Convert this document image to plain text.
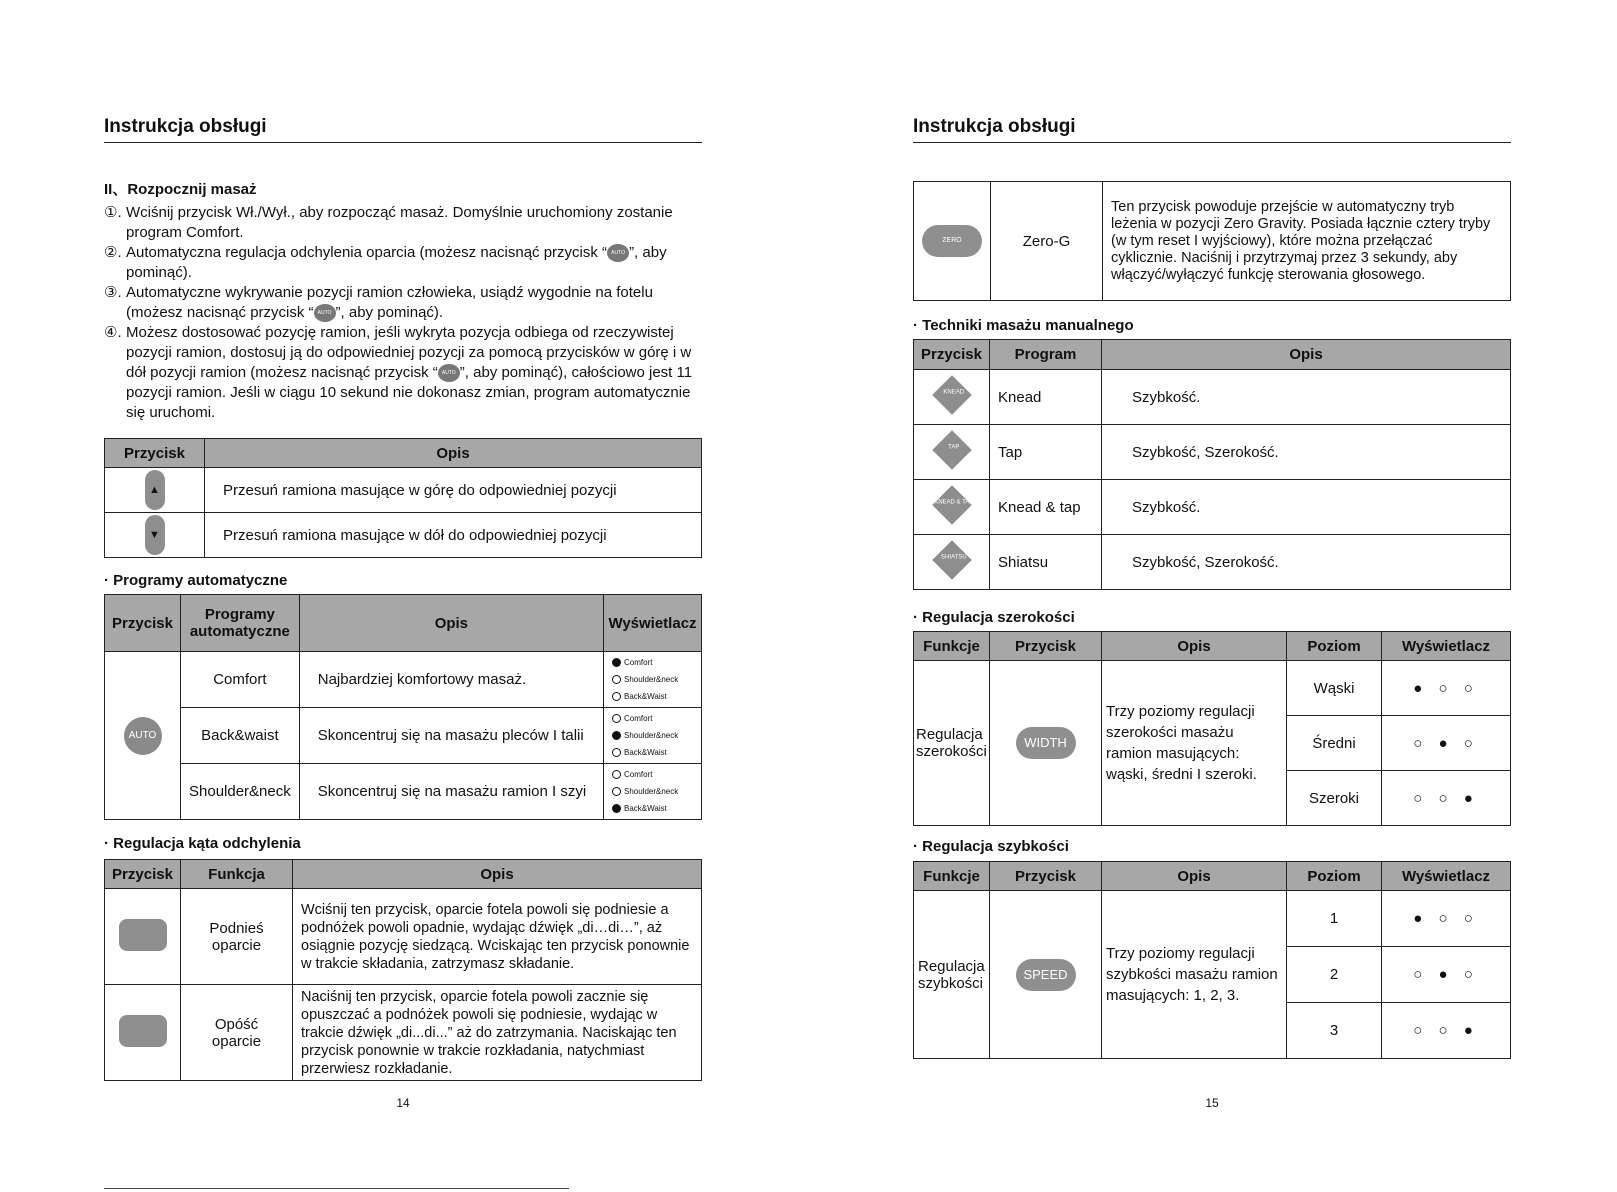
Instrukcja obsługi
II、Rozpocznij masaż
①. Wciśnij przycisk Wł./Wył., aby rozpocząć masaż. Domyślnie uruchomiony zostanie program Comfort.
②. Automatyczna regulacja odchylenia oparcia (możesz nacisnąć przycisk “ AUTO ”, aby pominąć).
③. Automatyczne wykrywanie pozycji ramion człowieka, usiądź wygodnie na fotelu (możesz nacisnąć przycisk “ AUTO ”, aby pominąć).
④. Możesz dostosować pozycję ramion, jeśli wykryta pozycja odbiega od rzeczywistej pozycji ramion, dostosuj ją do odpowiedniej pozycji za pomocą przycisków w górę i w dół pozycji ramion (możesz nacisnąć przycisk “ AUTO ”, aby pominąć), całościowo jest 11 pozycji ramion. Jeśli w ciągu 10 sekund nie dokonasz zmian, program automatycznie się uruchomi.
Przycisk	Opis
▲	Przesuń ramiona masujące w górę do odpowiedniej pozycji
▼	Przesuń ramiona masujące w dół do odpowiedniej pozycji
· Programy automatyczne
Przycisk	Programy automatyczne	Opis	Wyświetlacz
AUTO	Comfort	Najbardziej komfortowy masaż.	Comfort
Shoulder&neck
Back&Waist

	Back&waist	Skoncentruj się na masażu pleców I talii	Comfort
Shoulder&neck
Back&Waist

	Shoulder&neck	Skoncentruj się na masażu ramion I szyi	Comfort
Shoulder&neck
Back&Waist
· Regulacja kąta odchylenia
Przycisk	Funkcja	Opis
	Podnieś oparcie	Wciśnij ten przycisk, oparcie fotela powoli się podniesie a podnóżek powoli opadnie, wydając dźwięk „di…di…”, aż osiągnie pozycję siedzącą. Wciskając ten przycisk ponownie w trakcie składania, zatrzymasz składanie.
	Opóść oparcie	Naciśnij ten przycisk, oparcie fotela powoli zacznie się opuszczać a podnóżek powoli się podniesie, wydając w trakcie dźwięk „di...di...” aż do zatrzymania. Naciskając ten przycisk ponownie w trakcie rozkładania, natychmiast przerwiesz rozkładanie.
14
Instrukcja obsługi
ZERO	Zero-G	Ten przycisk powoduje przejście w automatyczny tryb leżenia w pozycji Zero Gravity. Posiada łącznie cztery tryby (w tym reset I wyjściowy), które można przełączać cyklicznie. Naciśnij i przytrzymaj przez 3 sekundy, aby włączyć/wyłączyć funkcję sterowania głosowego.
· Techniki masażu manualnego
Przycisk	Program	Opis

KNEAD	Knead	Szybkość.

TAP	Tap	Szybkość, Szerokość.

KNEAD & TAP	Knead & tap	Szybkość.

SHIATSU	Shiatsu	Szybkość, Szerokość.
· Regulacja szerokości
Funkcje	Przycisk	Opis	Poziom	Wyświetlacz
Regulacja szerokości	WIDTH	Trzy poziomy regulacji szerokości masażu ramion masujących: wąski, średni I szeroki.	Wąski	● ○ ○
			Średni	○ ● ○
			Szeroki	○ ○ ●
· Regulacja szybkości
Funkcje	Przycisk	Opis	Poziom	Wyświetlacz
Regulacja szybkości	SPEED	Trzy poziomy regulacji szybkości masażu ramion masujących: 1, 2, 3.	1	● ○ ○
			2	○ ● ○
			3	○ ○ ●
15
